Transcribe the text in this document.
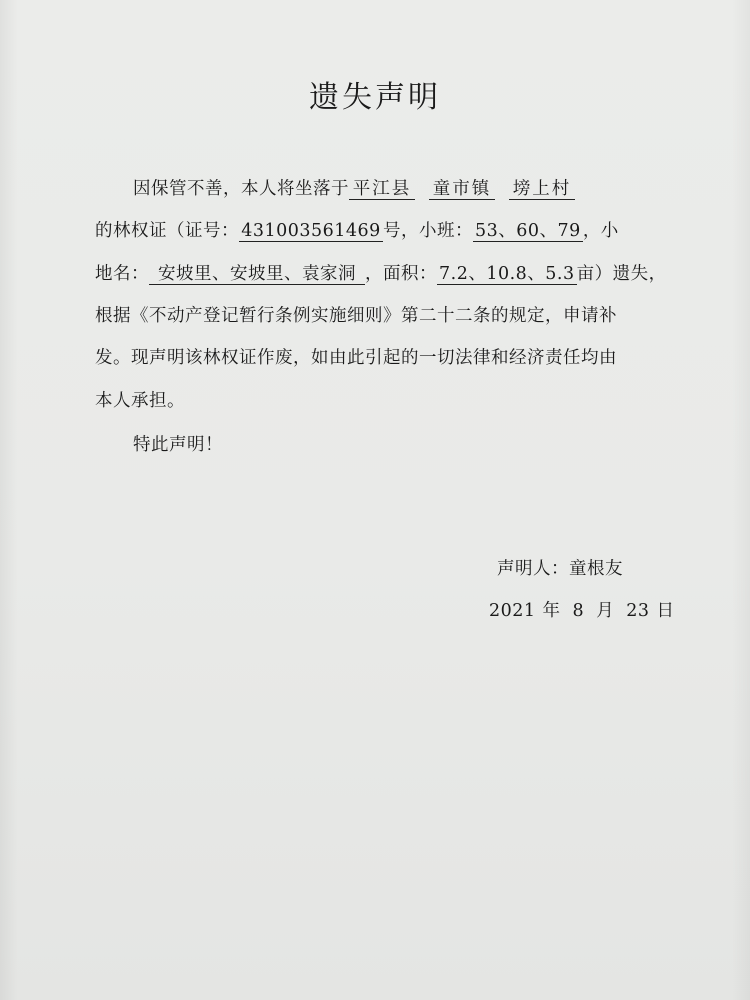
遗失声明
因保管不善，本人将坐落于 平江县 童市镇 塝上村
的林权证（证号： 431003561469 号，小班： 53、60、79 ，小
地名： 安坡里、安坡里、袁家洞 ，面积： 7.2、10.8、5.3 亩）遗失，
根据《不动产登记暂行条例实施细则》第二十二条的规定，申请补
发。现声明该林权证作废，如由此引起的一切法律和经济责任均由
本人承担。
特此声明！
声明人：童根友
2021 年 8 月 23 日
